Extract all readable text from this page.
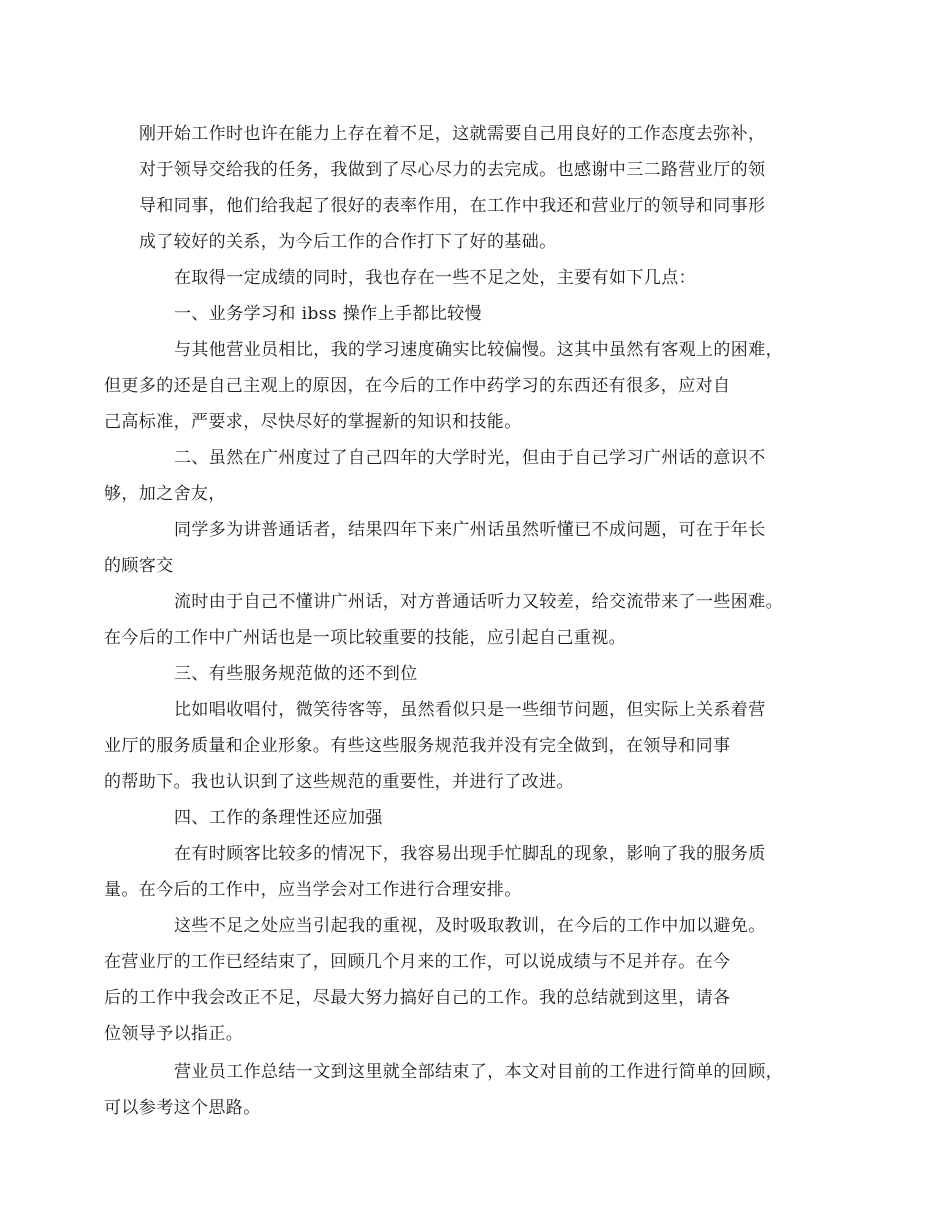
刚开始工作时也许在能力上存在着不足，这就需要自己用良好的工作态度去弥补，
对于领导交给我的任务，我做到了尽心尽力的去完成。也感谢中三二路营业厅的领
导和同事，他们给我起了很好的表率作用，在工作中我还和营业厅的领导和同事形
成了较好的关系，为今后工作的合作打下了好的基础。
在取得一定成绩的同时，我也存在一些不足之处，主要有如下几点：
一、业务学习和 ibss 操作上手都比较慢
与其他营业员相比，我的学习速度确实比较偏慢。这其中虽然有客观上的困难，
但更多的还是自己主观上的原因，在今后的工作中药学习的东西还有很多，应对自
己高标准，严要求，尽快尽好的掌握新的知识和技能。
二、虽然在广州度过了自己四年的大学时光，但由于自己学习广州话的意识不
够，加之舍友，
同学多为讲普通话者，结果四年下来广州话虽然听懂已不成问题，可在于年长
的顾客交
流时由于自己不懂讲广州话，对方普通话听力又较差，给交流带来了一些困难。
在今后的工作中广州话也是一项比较重要的技能，应引起自己重视。
三、有些服务规范做的还不到位
比如唱收唱付，微笑待客等，虽然看似只是一些细节问题，但实际上关系着营
业厅的服务质量和企业形象。有些这些服务规范我并没有完全做到，在领导和同事
的帮助下。我也认识到了这些规范的重要性，并进行了改进。
四、工作的条理性还应加强
在有时顾客比较多的情况下，我容易出现手忙脚乱的现象，影响了我的服务质
量。在今后的工作中，应当学会对工作进行合理安排。
这些不足之处应当引起我的重视，及时吸取教训，在今后的工作中加以避免。
在营业厅的工作已经结束了，回顾几个月来的工作，可以说成绩与不足并存。在今
后的工作中我会改正不足，尽最大努力搞好自己的工作。我的总结就到这里，请各
位领导予以指正。
营业员工作总结一文到这里就全部结束了，本文对目前的工作进行简单的回顾，
可以参考这个思路。
